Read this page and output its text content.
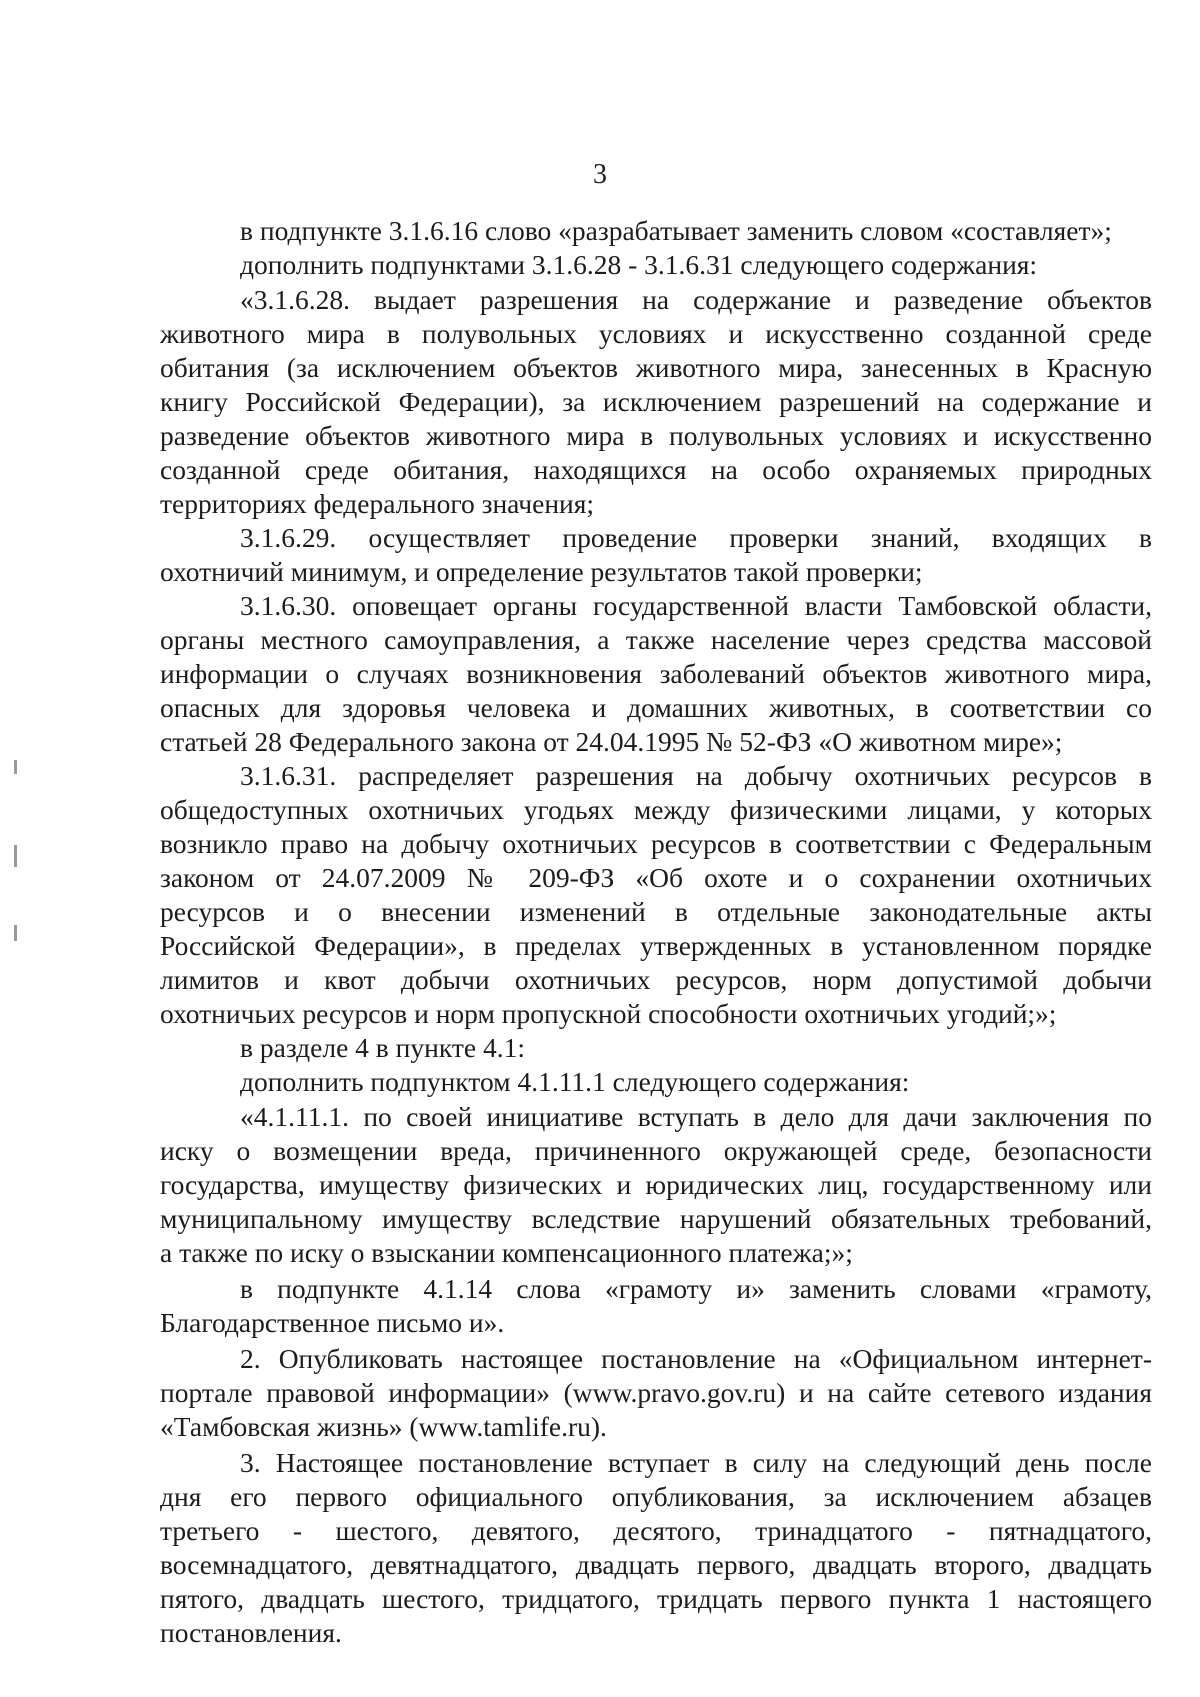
3
в подпункте 3.1.6.16 слово «разрабатывает заменить словом «составляет»;
дополнить подпунктами 3.1.6.28 - 3.1.6.31 следующего содержания:
«3.1.6.28. выдает разрешения на содержание и разведение объектов
животного мира в полувольных условиях и искусственно созданной среде
обитания (за исключением объектов животного мира, занесенных в Красную
книгу Российской Федерации), за исключением разрешений на содержание и
разведение объектов животного мира в полувольных условиях и искусственно
созданной среде обитания, находящихся на особо охраняемых природных
территориях федерального значения;
3.1.6.29. осуществляет проведение проверки знаний, входящих в
охотничий минимум, и определение результатов такой проверки;
3.1.6.30. оповещает органы государственной власти Тамбовской области,
органы местного самоуправления, а также население через средства массовой
информации о случаях возникновения заболеваний объектов животного мира,
опасных для здоровья человека и домашних животных, в соответствии со
статьей 28 Федерального закона от 24.04.1995 № 52-ФЗ «О животном мире»;
3.1.6.31. распределяет разрешения на добычу охотничьих ресурсов в
общедоступных охотничьих угодьях между физическими лицами, у которых
возникло право на добычу охотничьих ресурсов в соответствии с Федеральным
законом от 24.07.2009 № 209-ФЗ «Об охоте и о сохранении охотничьих
ресурсов и о внесении изменений в отдельные законодательные акты
Российской Федерации», в пределах утвержденных в установленном порядке
лимитов и квот добычи охотничьих ресурсов, норм допустимой добычи
охотничьих ресурсов и норм пропускной способности охотничьих угодий;»;
в разделе 4 в пункте 4.1:
дополнить подпунктом 4.1.11.1 следующего содержания:
«4.1.11.1. по своей инициативе вступать в дело для дачи заключения по
иску о возмещении вреда, причиненного окружающей среде, безопасности
государства, имуществу физических и юридических лиц, государственному или
муниципальному имуществу вследствие нарушений обязательных требований,
а также по иску о взыскании компенсационного платежа;»;
в подпункте 4.1.14 слова «грамоту и» заменить словами «грамоту,
Благодарственное письмо и».
2. Опубликовать настоящее постановление на «Официальном интернет-
портале правовой информации» (www.pravo.gov.ru) и на сайте сетевого издания
«Тамбовская жизнь» (www.tamlife.ru).
3. Настоящее постановление вступает в силу на следующий день после
дня его первого официального опубликования, за исключением абзацев
третьего - шестого, девятого, десятого, тринадцатого - пятнадцатого,
восемнадцатого, девятнадцатого, двадцать первого, двадцать второго, двадцать
пятого, двадцать шестого, тридцатого, тридцать первого пункта 1 настоящего
постановления.
